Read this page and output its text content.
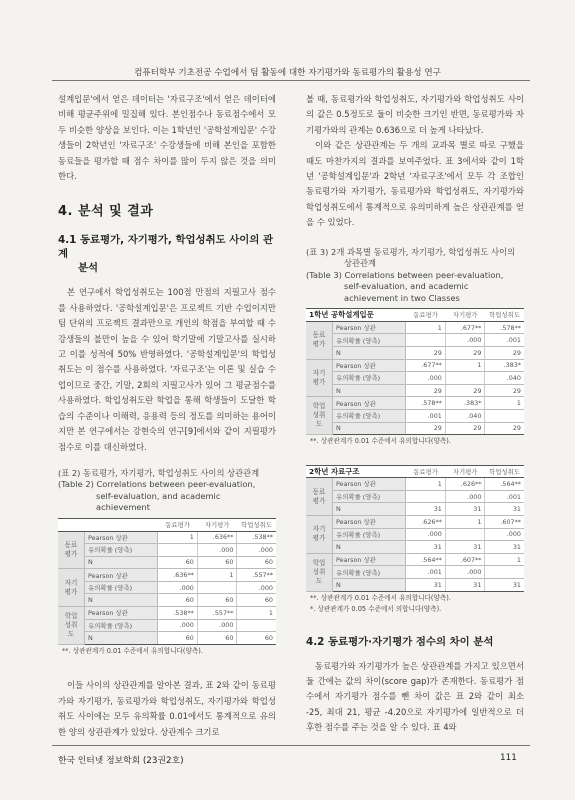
컴퓨터학부 기초전공 수업에서 팀 활동에 대한 자기평가와 동료평가의 활용성 연구

설계입문'에서 얻은 데이터는 '자료구조'에서 얻은 데이터에 비해 평균주위에 밀집해 있다. 본인점수나 동료점수에서 모두 비슷한 양상을 보인다. 이는 1학년인 '공학설계입문' 수강생들이 2학년인 '자료구조' 수강생들에 비해 본인을 포함한 동료들을 평가할 때 점수 차이를 많이 두지 않은 것을 의미한다.

4. 분석 및 결과
4.1 동료평가, 자기평가, 학업성취도 사이의 관계
분석

본 연구에서 학업성취도는 100점 만점의 지필고사 점수를 사용하였다. '공학설계입문'은 프로젝트 기반 수업이지만 팀 단위의 프로젝트 결과만으로 개인의 학점을 부여할 때 수강생들의 불만이 높을 수 있어 학기말에 기말고사를 실시하고 이를 성적에 50% 반영하였다. '공학설계입문'의 학업성취도는 이 점수를 사용하였다. '자료구조'는 이론 및 실습 수업이므로 중간, 기말, 2회의 지필고사가 있어 그 평균점수를 사용하였다. 학업성취도란 학업을 통해 학생들이 도달한 학습의 수준이나 이해력, 응용력 등의 정도를 의미하는 용어이지만 본 연구에서는 강현숙의 연구[9]에서와 같이 지필평가 점수로 이를 대신하였다.

(표 2) 동료평가, 자기평가, 학업성취도 사이의 상관관계
(Table 2) Correlations between peer-evaluation,
self-evaluation, and academic achievement

		동료평가	자기평가	학업성취도
동료
평가	Pearson 상관	1	.636**	.538**
	유의확률 (양측)		.000	.000
	N	60	60	60
자기
평가	Pearson 상관	.636**	1	.557**
	유의확률 (양측)	.000		.000
	N	60	60	60
학업
성취
도	Pearson 상관	.538**	.557**	1
	유의확률 (양측)	.000	.000	
	N	60	60	60
**. 상관관계가 0.01 수준에서 유의합니다(양측).

이들 사이의 상관관계를 알아본 결과, 표 2와 같이 동료평가와 자기평가, 동료평가와 학업성취도, 자기평가와 학업성취도 사이에는 모두 유의확률 0.01에서도 통계적으로 유의한 양의 상관관계가 있었다. 상관계수 크기로

볼 때, 동료평가와 학업성취도, 자기평가와 학업성취도 사이의 값은 0.5정도로 둘이 비슷한 크기인 반면, 동료평가와 자기평가와의 관계는 0.636으로 더 높게 나타났다.

이와 같은 상관관계는 두 개의 교과목 별로 따로 구했을 때도 마찬가지의 결과를 보여주었다. 표 3에서와 같이 1학년 '공학설계입문'과 2학년 '자료구조'에서 모두 각 조합인 동료평가와 자기평가, 동료평가와 학업성취도, 자기평가와 학업성취도에서 통계적으로 유의미하게 높은 상관관계를 얻을 수 있었다.

(표 3) 2개 과목별 동료평가, 자기평가, 학업성취도 사이의
상관관계
(Table 3) Correlations between peer-evaluation,
self-evaluation, and academic
achievement in two Classes

1학년 공학설계입문		동료평가	자기평가	학업성취도
동료
평가	Pearson 상관	1	.677**	.578**
	유의확률 (양측)		.000	.001
	N	29	29	29
자기
평가	Pearson 상관	.677**	1	.383*
	유의확률 (양측)	.000		.040
	N	29	29	29
학업
성취
도	Pearson 상관	.578**	.383*	1
	유의확률 (양측)	.001	.040	
	N	29	29	29
**. 상관관계가 0.01 수준에서 유의합니다(양측).
2학년 자료구조		동료평가	자기평가	학업성취도
동료
평가	Pearson 상관	1	.626**	.564**
	유의확률 (양측)		.000	.001
	N	31	31	31
자기
평가	Pearson 상관	.626**	1	.607**
	유의확률 (양측)	.000		.000
	N	31	31	31
학업
성취
도	Pearson 상관	.564**	.607**	1
	유의확률 (양측)	.001	.000	
	N	31	31	31
**. 상관관계가 0.01 수준에서 유의합니다(양측).
*. 상관관계가 0.05 수준에서 의합니다(양측).
4.2 동료평가·자기평가 점수의 차이 분석

동료평가와 자기평가가 높은 상관관계를 가지고 있으면서 둘 간에는 값의 차이(score gap)가 존재한다. 동료평가 점수에서 자기평가 점수를 뺀 차이 값은 표 2와 같이 최소 -25, 최대 21, 평균 -4.20으로 자기평가에 일반적으로 더 후한 점수를 주는 것을 알 수 있다. 표 4와

한국 인터넷 정보학회 (23권2호)	111
